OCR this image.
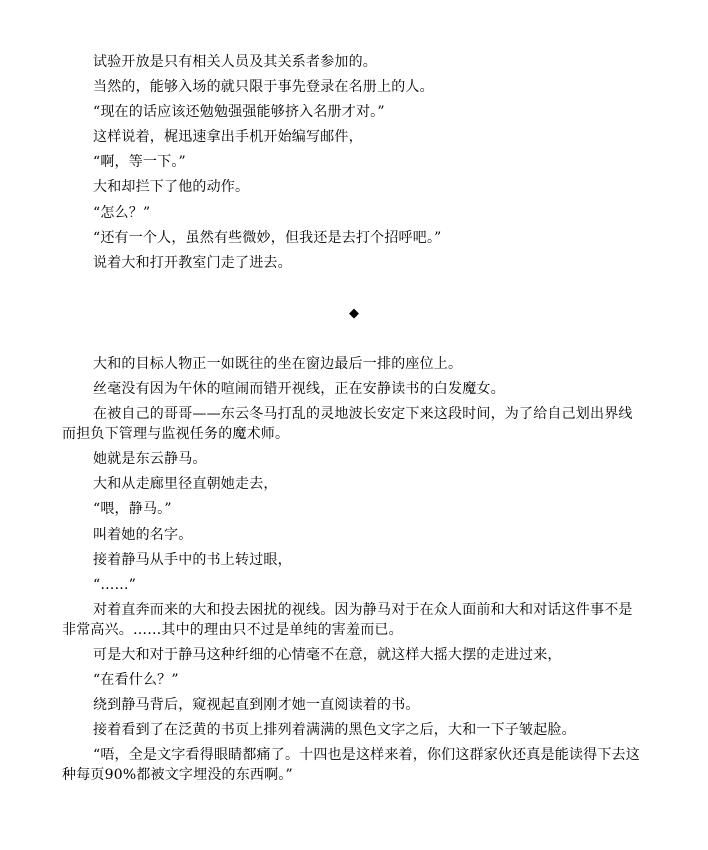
试验开放是只有相关人员及其关系者参加的。

当然的，能够入场的就只限于事先登录在名册上的人。

“现在的话应该还勉勉强强能够挤入名册才对。”

这样说着，梶迅速拿出手机开始编写邮件，

“啊，等一下。”

大和却拦下了他的动作。

“怎么？”

“还有一个人，虽然有些微妙，但我还是去打个招呼吧。”

说着大和打开教室门走了进去。

◆

大和的目标人物正一如既往的坐在窗边最后一排的座位上。

丝毫没有因为午休的喧闹而错开视线，正在安静读书的白发魔女。

在被自己的哥哥——东云冬马打乱的灵地波长安定下来这段时间，为了给自己划出界线而担负下管理与监视任务的魔术师。

她就是东云静马。

大和从走廊里径直朝她走去，

“喂，静马。”

叫着她的名字。

接着静马从手中的书上转过眼，

“……”

对着直奔而来的大和投去困扰的视线。因为静马对于在众人面前和大和对话这件事不是非常高兴。……其中的理由只不过是单纯的害羞而已。

可是大和对于静马这种纤细的心情毫不在意，就这样大摇大摆的走进过来，

“在看什么？”

绕到静马背后，窥视起直到刚才她一直阅读着的书。

接着看到了在泛黄的书页上排列着满满的黑色文字之后，大和一下子皱起脸。

“唔，全是文字看得眼睛都痛了。十四也是这样来着，你们这群家伙还真是能读得下去这种每页90%都被文字埋没的东西啊。”
